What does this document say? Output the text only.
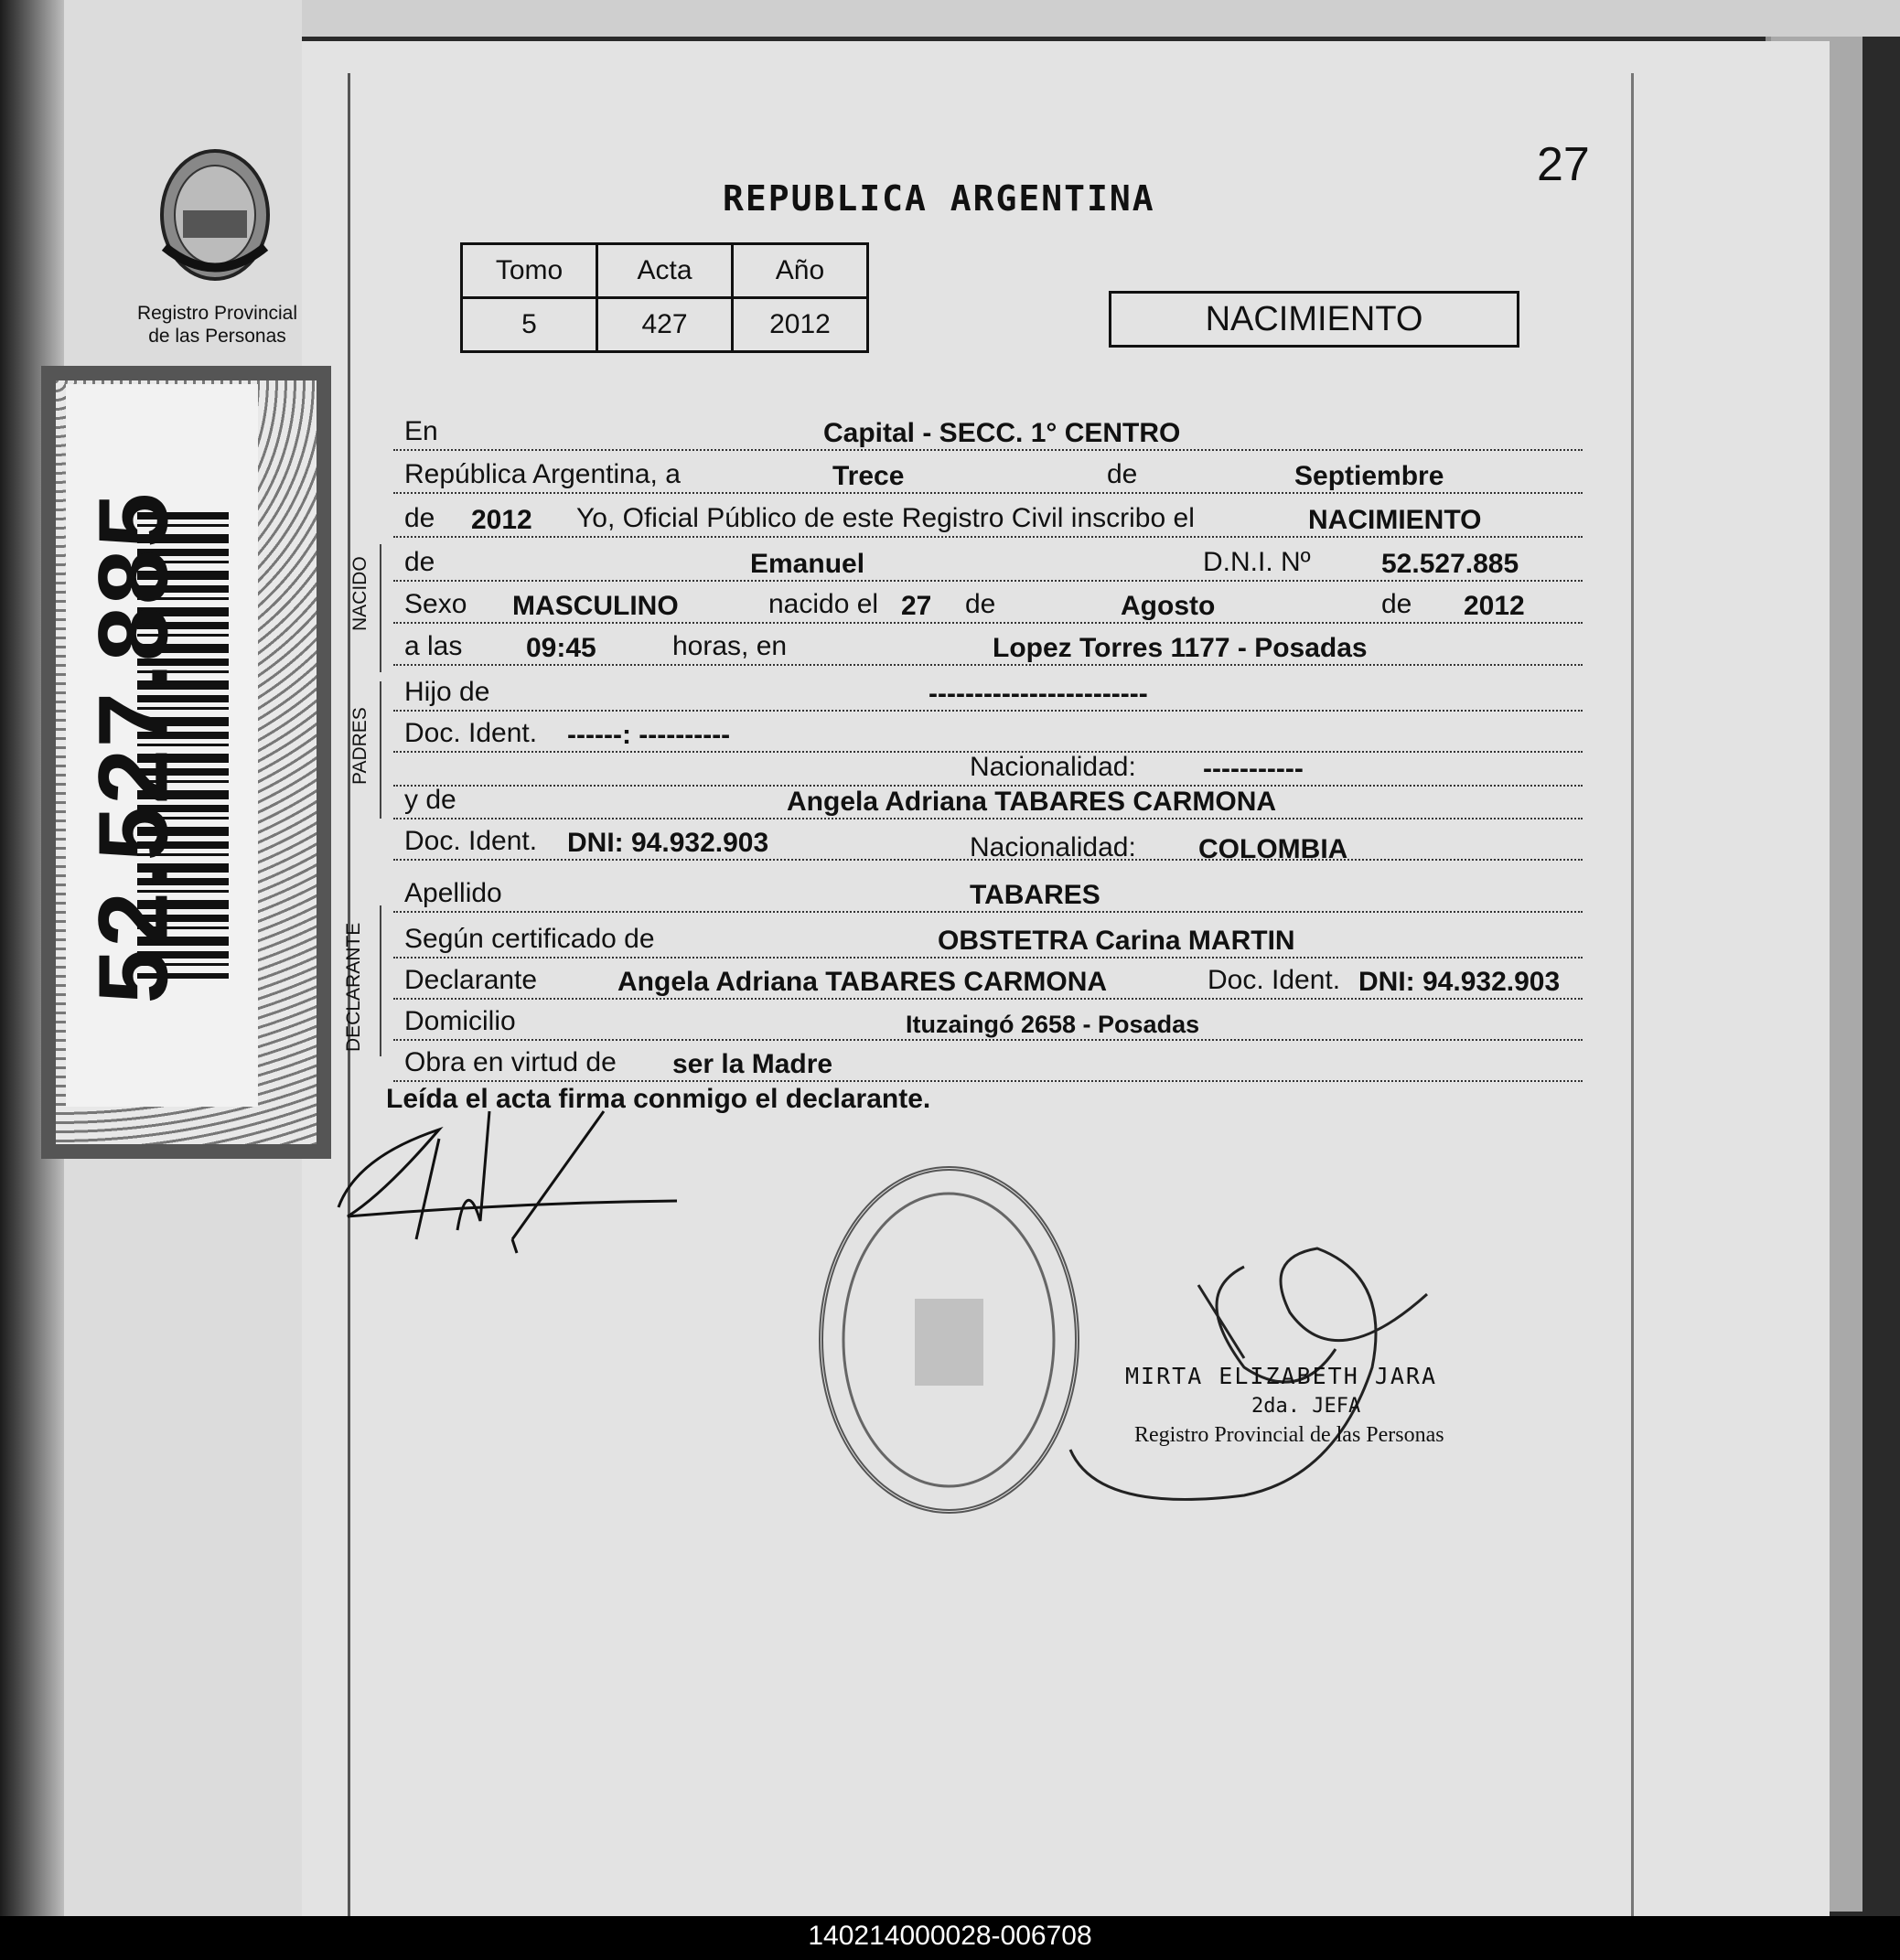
Registro Provincial
de las Personas
52.527.885
27
REPUBLICA ARGENTINA
Tomo	Acta	Año
5	427	2012	NACIMIENTO
NACIDO
PADRES
DECLARANTE
En	Capital - SECC. 1° CENTRO
República Argentina, a	Trece	de	Septiembre
de 2012 Yo, Oficial Público de este Registro Civil inscribo el	NACIMIENTO
de	Emanuel	D.N.I. Nº	52.527.885
Sexo MASCULINO	nacido el 27 de	Agosto	de 2012
a las 09:45	horas, en	Lopez Torres 1177 - Posadas
Hijo de	------------------------
Doc. Ident. ------: ----------
Nacionalidad: -----------
y de	Angela Adriana TABARES CARMONA
Doc. Ident. DNI: 94.932.903	Nacionalidad: COLOMBIA
Apellido	TABARES
Según certificado de	OBSTETRA Carina MARTIN
Declarante	Angela Adriana TABARES CARMONA	Doc. Ident. DNI: 94.932.903
Domicilio	Ituzaingó 2658 - Posadas
Obra en virtud de ser la Madre
Leída el acta firma conmigo el declarante.
MIRTA ELIZABETH JARA
2da. JEFA
Registro Provincial de las Personas
140214000028-006708
